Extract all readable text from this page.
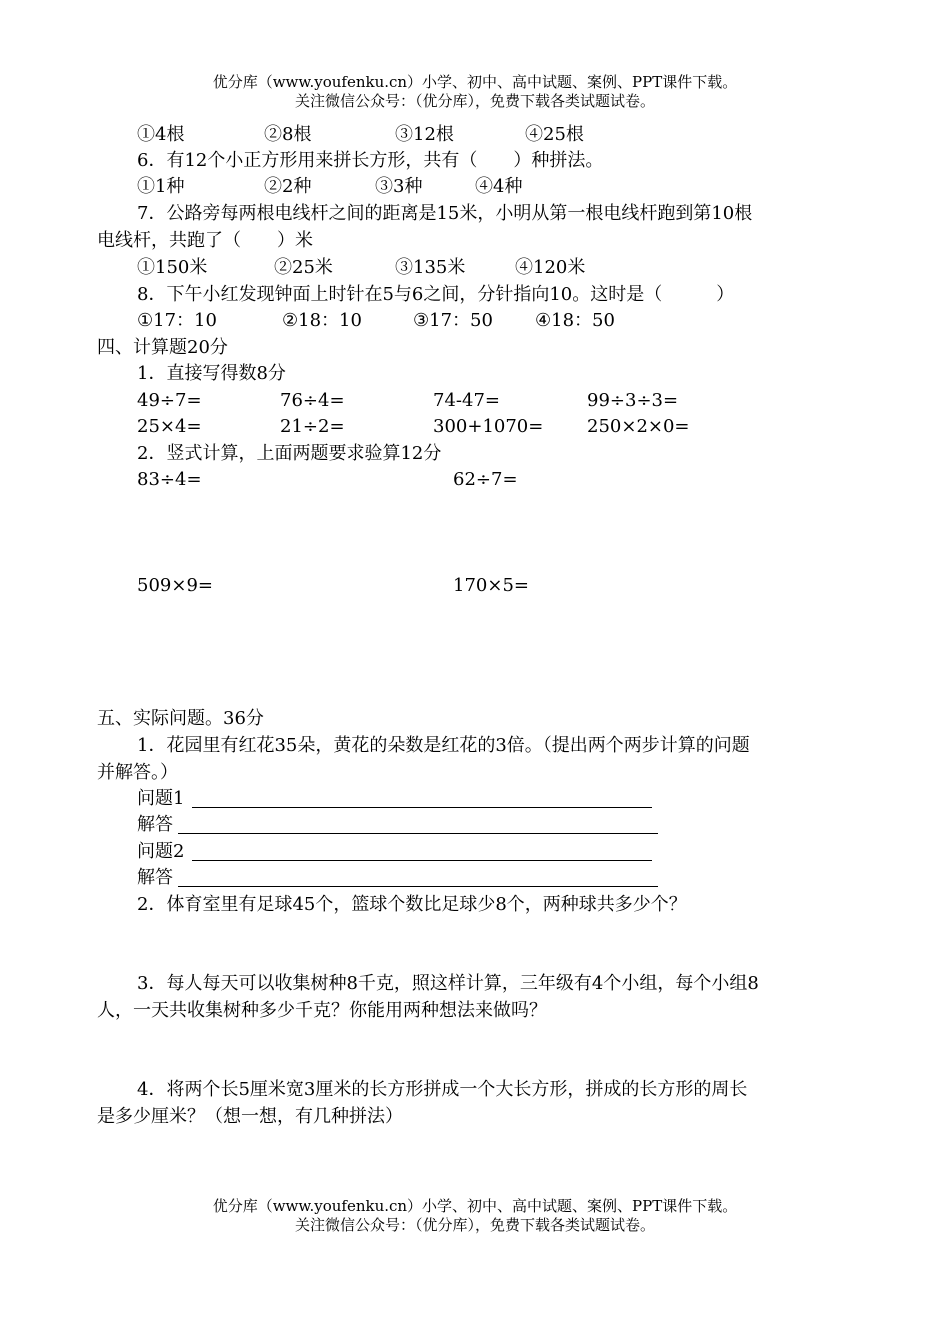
优分库（www.youfenku.cn）小学、初中、高中试题、案例、PPT课件下载。
关注微信公众号：（优分库），免费下载各类试题试卷。
①4根	②8根	③12根	④25根
6．有12个小正方形用来拼长方形，共有（　　）种拼法。
①1种	②2种	③3种	④4种
7．公路旁每两根电线杆之间的距离是15米，小明从第一根电线杆跑到第10根
电线杆，共跑了（　　）米
①150米	②25米	③135米	④120米
8．下午小红发现钟面上时针在5与6之间，分针指向10。这时是（　　　）
①17：10	②18：10	③17：50 ④18：50
四、计算题20分
1．直接写得数8分
49÷7=	76÷4=	74-47=	99÷3÷3=
25×4=	21÷2=	300+1070= 250×2×0=
2．竖式计算，上面两题要求验算12分
83÷4=	62÷7=
509×9=	170×5=
五、实际问题。36分
1．花园里有红花35朵，黄花的朵数是红花的3倍。（提出两个两步计算的问题
并解答。）
问题1
解答
问题2
解答
2．体育室里有足球45个，篮球个数比足球少8个，两种球共多少个？
3．每人每天可以收集树种8千克，照这样计算，三年级有4个小组，每个小组8
人，一天共收集树种多少千克？你能用两种想法来做吗？
4．将两个长5厘米宽3厘米的长方形拼成一个大长方形，拼成的长方形的周长
是多少厘米？（想一想，有几种拼法）
优分库（www.youfenku.cn）小学、初中、高中试题、案例、PPT课件下载。
关注微信公众号：（优分库），免费下载各类试题试卷。
